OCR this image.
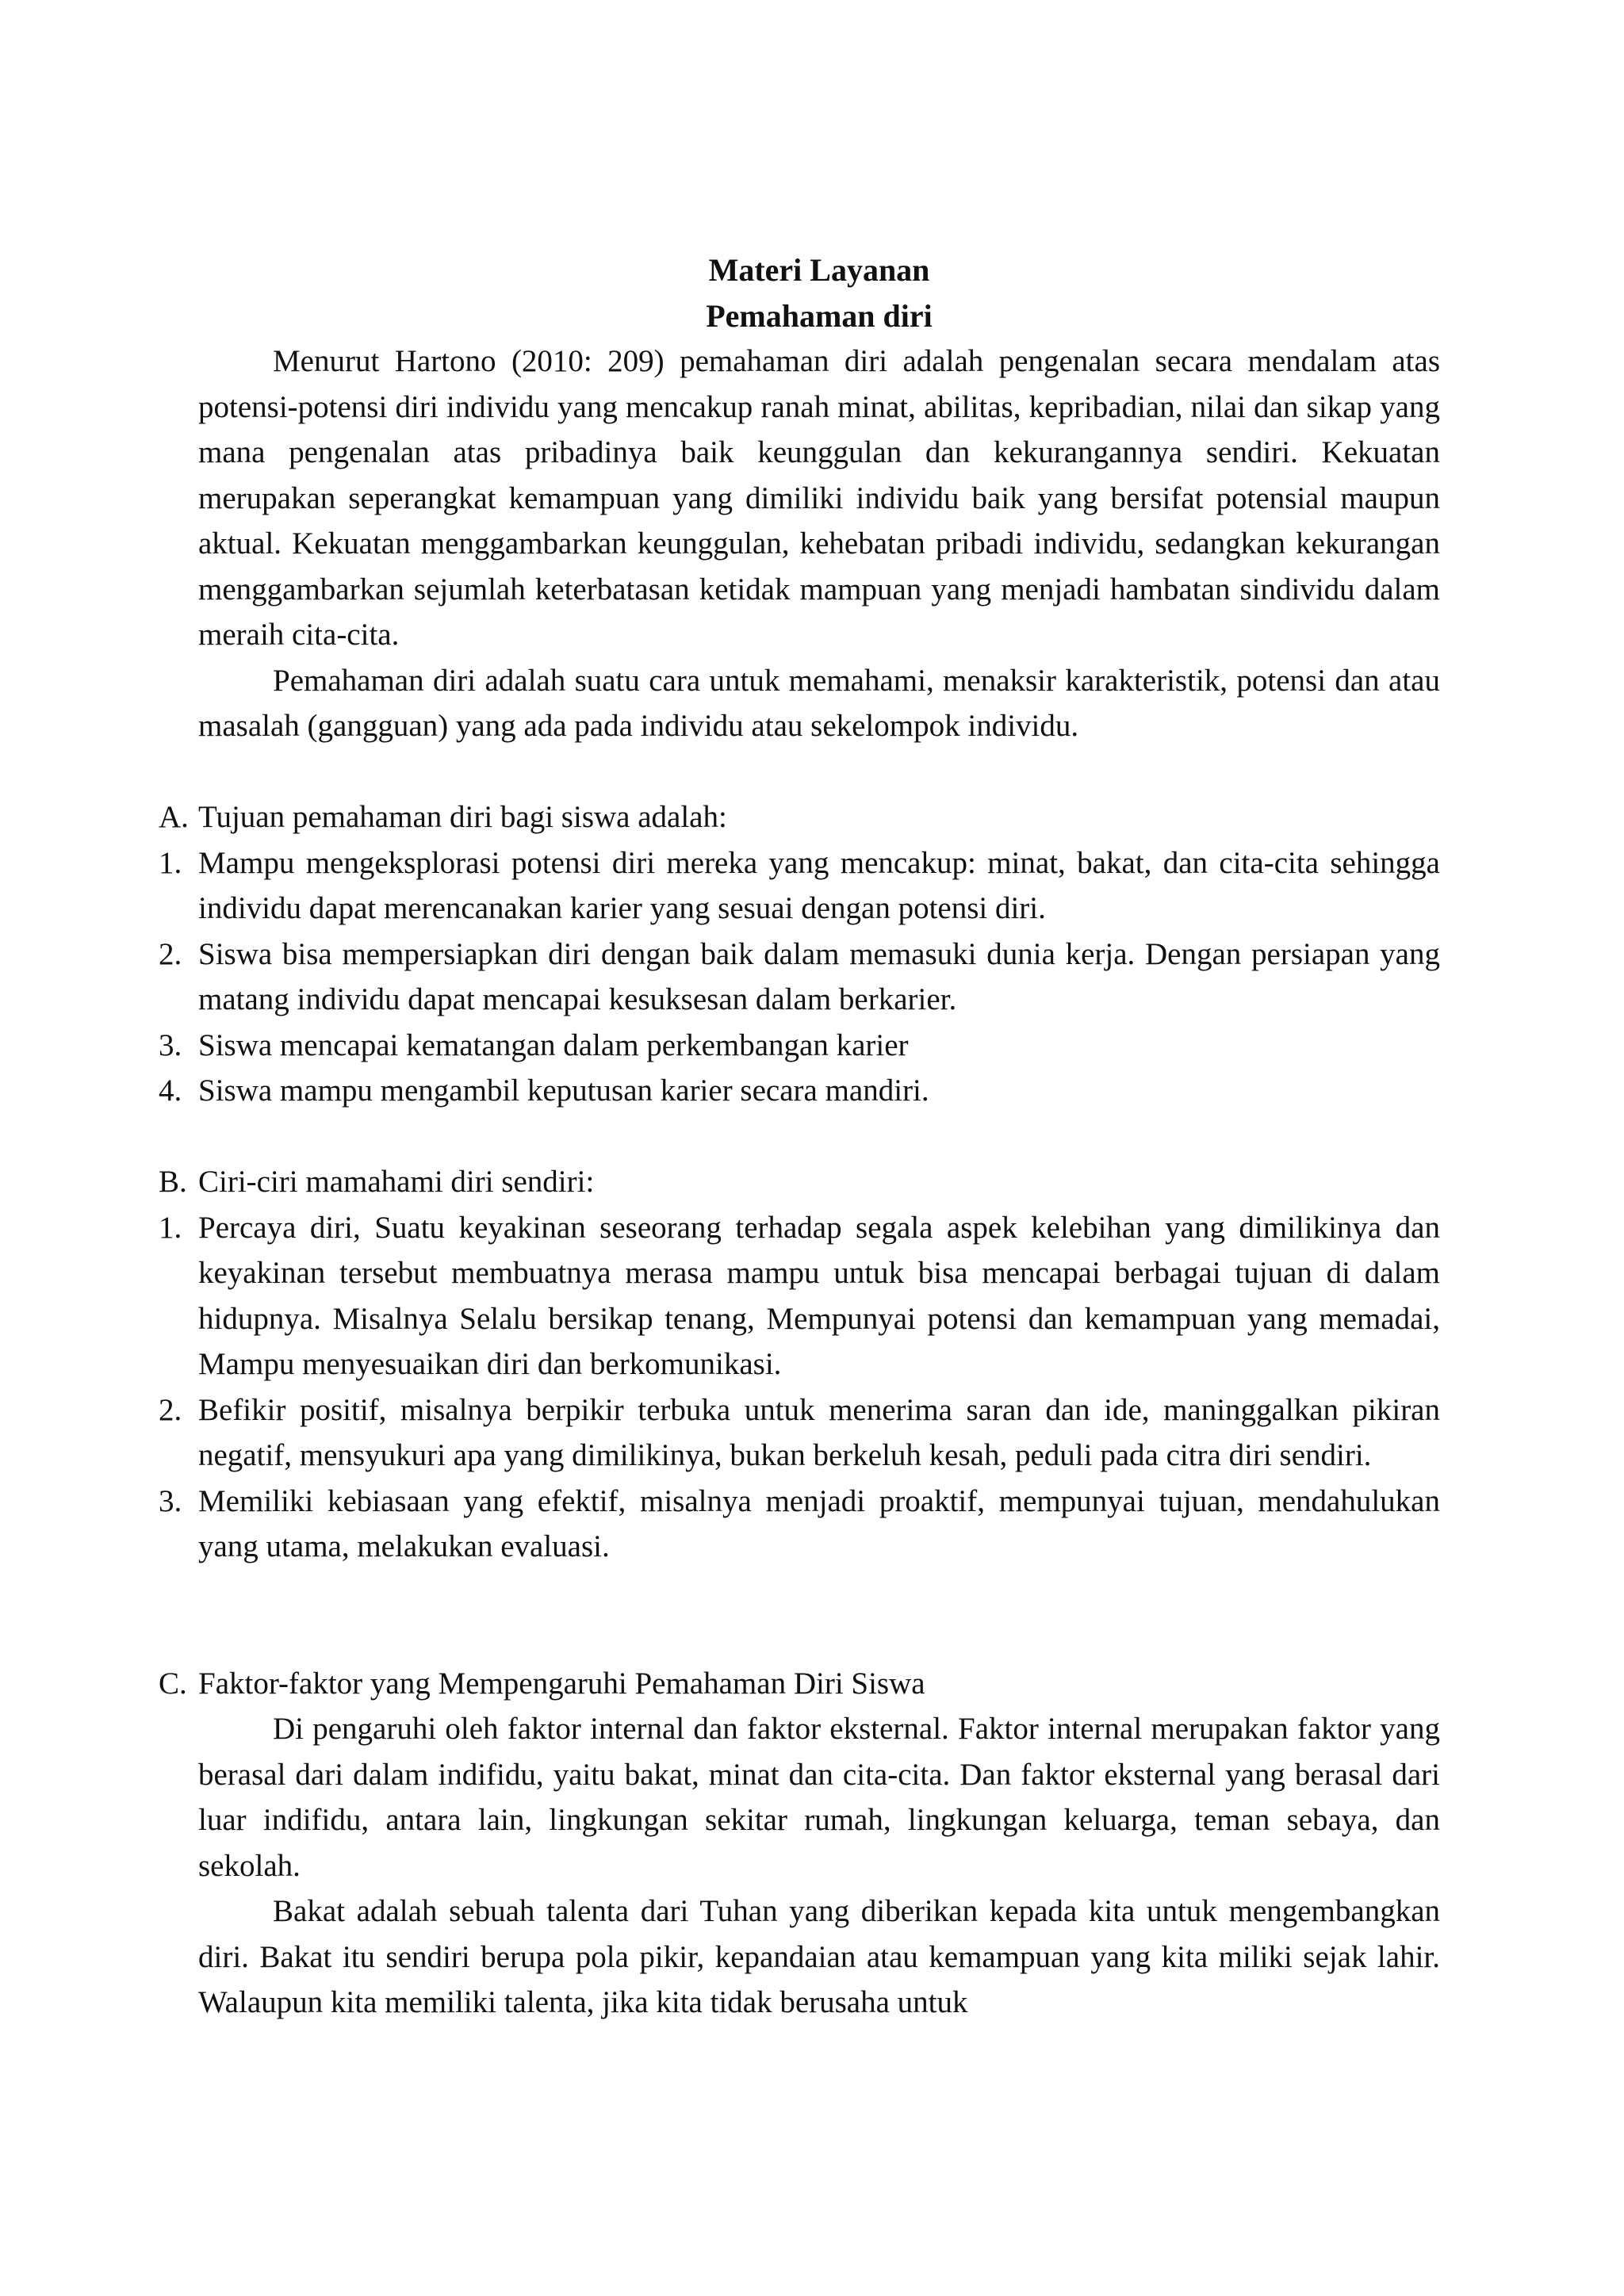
Materi Layanan
Pemahaman diri

Menurut Hartono (2010: 209) pemahaman diri adalah pengenalan secara mendalam atas potensi-potensi diri individu yang mencakup ranah minat, abilitas, kepribadian, nilai dan sikap yang mana pengenalan atas pribadinya baik keunggulan dan kekurangannya sendiri. Kekuatan merupakan seperangkat kemampuan yang dimiliki individu baik yang bersifat potensial maupun aktual. Kekuatan menggambarkan keunggulan, kehebatan pribadi individu, sedangkan kekurangan menggambarkan sejumlah keterbatasan ketidak mampuan yang menjadi hambatan sindividu dalam meraih cita-cita.

Pemahaman diri adalah suatu cara untuk memahami, menaksir karakteristik, potensi dan atau masalah (gangguan) yang ada pada individu atau sekelompok individu.

A. Tujuan pemahaman diri bagi siswa adalah:
1. Mampu mengeksplorasi potensi diri mereka yang mencakup: minat, bakat, dan cita-cita sehingga individu dapat merencanakan karier yang sesuai dengan potensi diri.
2. Siswa bisa mempersiapkan diri dengan baik dalam memasuki dunia kerja. Dengan persiapan yang matang individu dapat mencapai kesuksesan dalam berkarier.
3. Siswa mencapai kematangan dalam perkembangan karier
4. Siswa mampu mengambil keputusan karier secara mandiri.
B. Ciri-ciri mamahami diri sendiri:
1. Percaya diri, Suatu keyakinan seseorang terhadap segala aspek kelebihan yang dimilikinya dan keyakinan tersebut membuatnya merasa mampu untuk bisa mencapai berbagai tujuan di dalam hidupnya. Misalnya Selalu bersikap tenang, Mempunyai potensi dan kemampuan yang memadai, Mampu menyesuaikan diri dan berkomunikasi.
2. Befikir positif, misalnya berpikir terbuka untuk menerima saran dan ide, maninggalkan pikiran negatif, mensyukuri apa yang dimilikinya, bukan berkeluh kesah, peduli pada citra diri sendiri.
3. Memiliki kebiasaan yang efektif, misalnya menjadi proaktif, mempunyai tujuan, mendahulukan yang utama, melakukan evaluasi.
C. Faktor-faktor yang Mempengaruhi Pemahaman Diri Siswa

Di pengaruhi oleh faktor internal dan faktor eksternal. Faktor internal merupakan faktor yang berasal dari dalam indifidu, yaitu bakat, minat dan cita-cita. Dan faktor eksternal yang berasal dari luar indifidu, antara lain, lingkungan sekitar rumah, lingkungan keluarga, teman sebaya, dan sekolah.

Bakat adalah sebuah talenta dari Tuhan yang diberikan kepada kita untuk mengembangkan diri. Bakat itu sendiri berupa pola pikir, kepandaian atau kemampuan yang kita miliki sejak lahir. Walaupun kita memiliki talenta, jika kita tidak berusaha untuk
